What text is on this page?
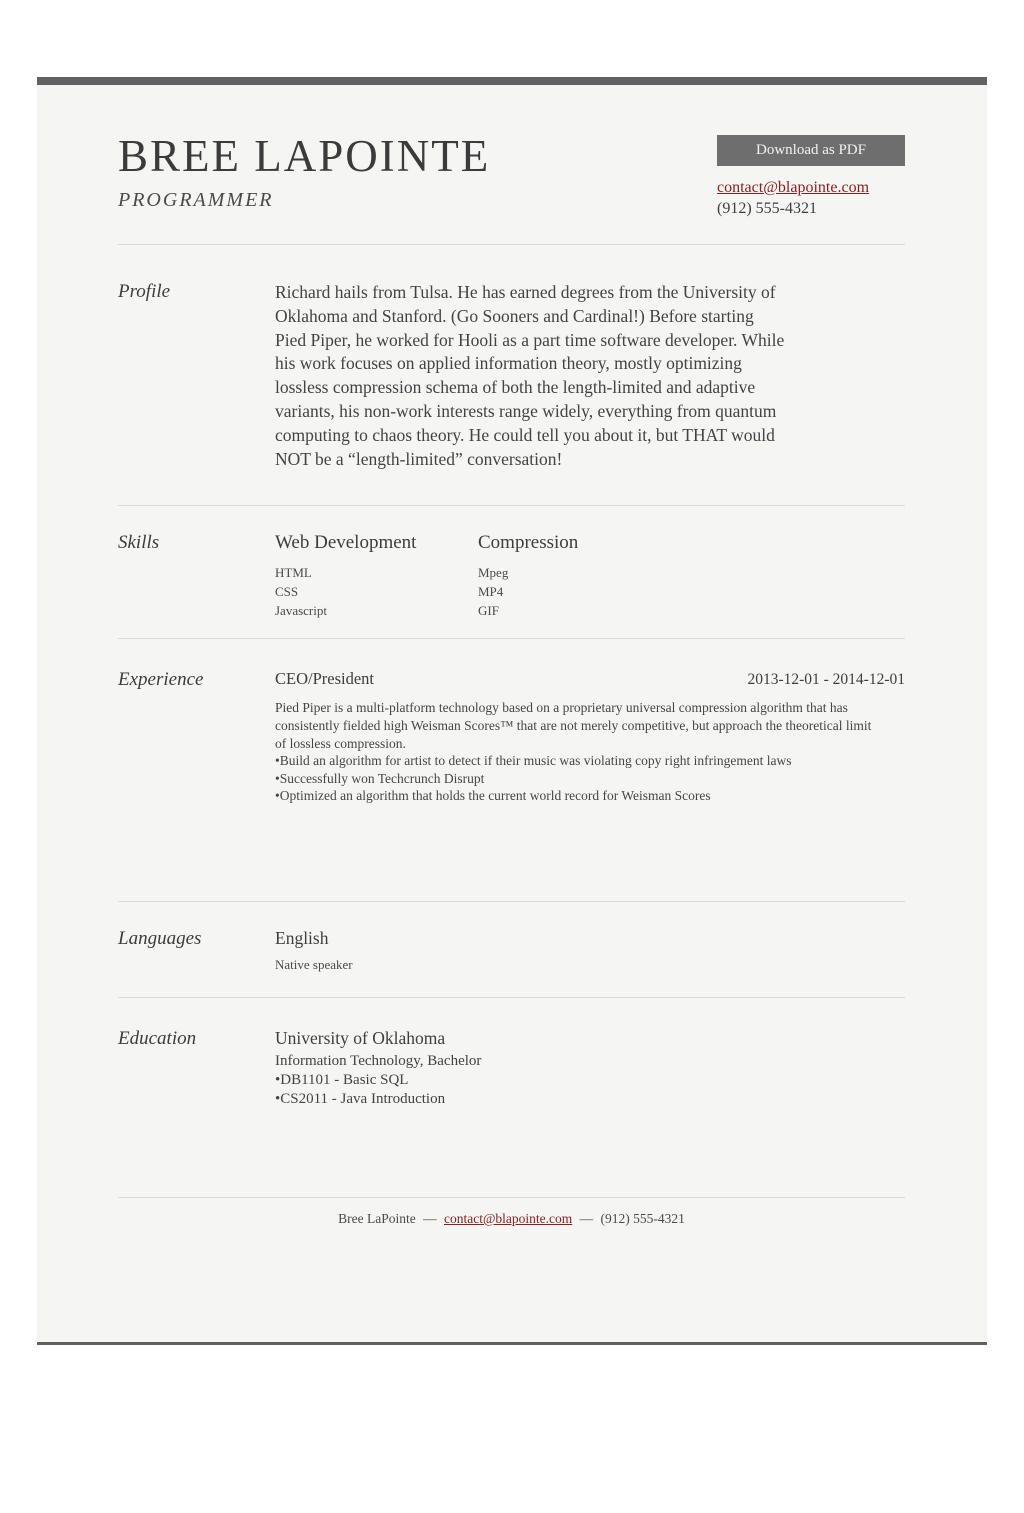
BREE LAPOINTE
PROGRAMMER
Download as PDF
contact@blapointe.com
(912) 555-4321
Profile	Richard hails from Tulsa. He has earned degrees from the University of Oklahoma and Stanford. (Go Sooners and Cardinal!) Before starting Pied Piper, he worked for Hooli as a part time software developer. While his work focuses on applied information theory, mostly optimizing lossless compression schema of both the length-limited and adaptive variants, his non-work interests range widely, everything from quantum computing to chaos theory. He could tell you about it, but THAT would NOT be a “length-limited” conversation!

Skills	Web Development
HTML
CSS
Javascript
Compression
Mpeg
MP4
GIF
Experience	CEO/President	2013-12-01 - 2014-12-01

Pied Piper is a multi-platform technology based on a proprietary universal compression algorithm that has consistently fielded high Weisman Scores™ that are not merely competitive, but approach the theoretical limit of lossless compression.

• Build an algorithm for artist to detect if their music was violating copy right infringement laws
• Successfully won Techcrunch Disrupt
• Optimized an algorithm that holds the current world record for Weisman Scores
Languages	English
Native speaker
Education	University of Oklahoma
Information Technology, Bachelor
• DB1101 - Basic SQL
• CS2011 - Java Introduction
Bree LaPointe — contact@blapointe.com — (912) 555-4321
